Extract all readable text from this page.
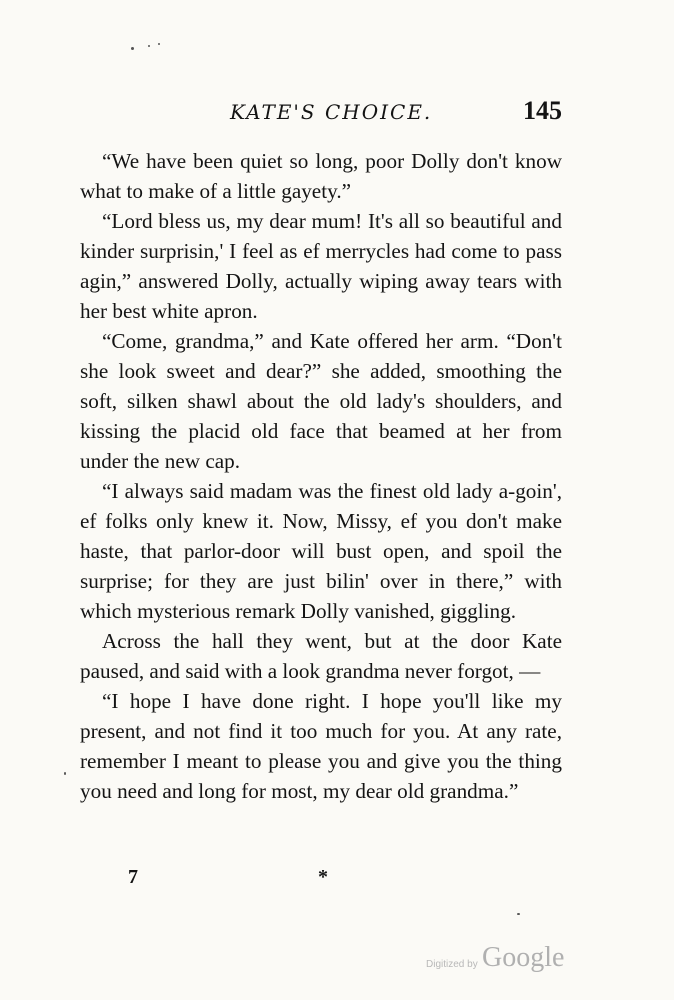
KATE'S CHOICE.	145

“We have been quiet so long, poor Dolly don't know what to make of a little gayety.”

“Lord bless us, my dear mum! It's all so beautiful and kinder surprisin,' I feel as ef merrycles had come to pass agin,” answered Dolly, actually wiping away tears with her best white apron.

“Come, grandma,” and Kate offered her arm. “Don't she look sweet and dear?” she added, smoothing the soft, silken shawl about the old lady's shoulders, and kissing the placid old face that beamed at her from under the new cap.

“I always said madam was the finest old lady a-goin', ef folks only knew it. Now, Missy, ef you don't make haste, that parlor-door will bust open, and spoil the surprise; for they are just bilin' over in there,” with which mysterious remark Dolly vanished, giggling.

Across the hall they went, but at the door Kate paused, and said with a look grandma never forgot, —

“I hope I have done right. I hope you'll like my present, and not find it too much for you. At any rate, remember I meant to please you and give you the thing you need and long for most, my dear old grandma.”

7	*
Digitized by Google
